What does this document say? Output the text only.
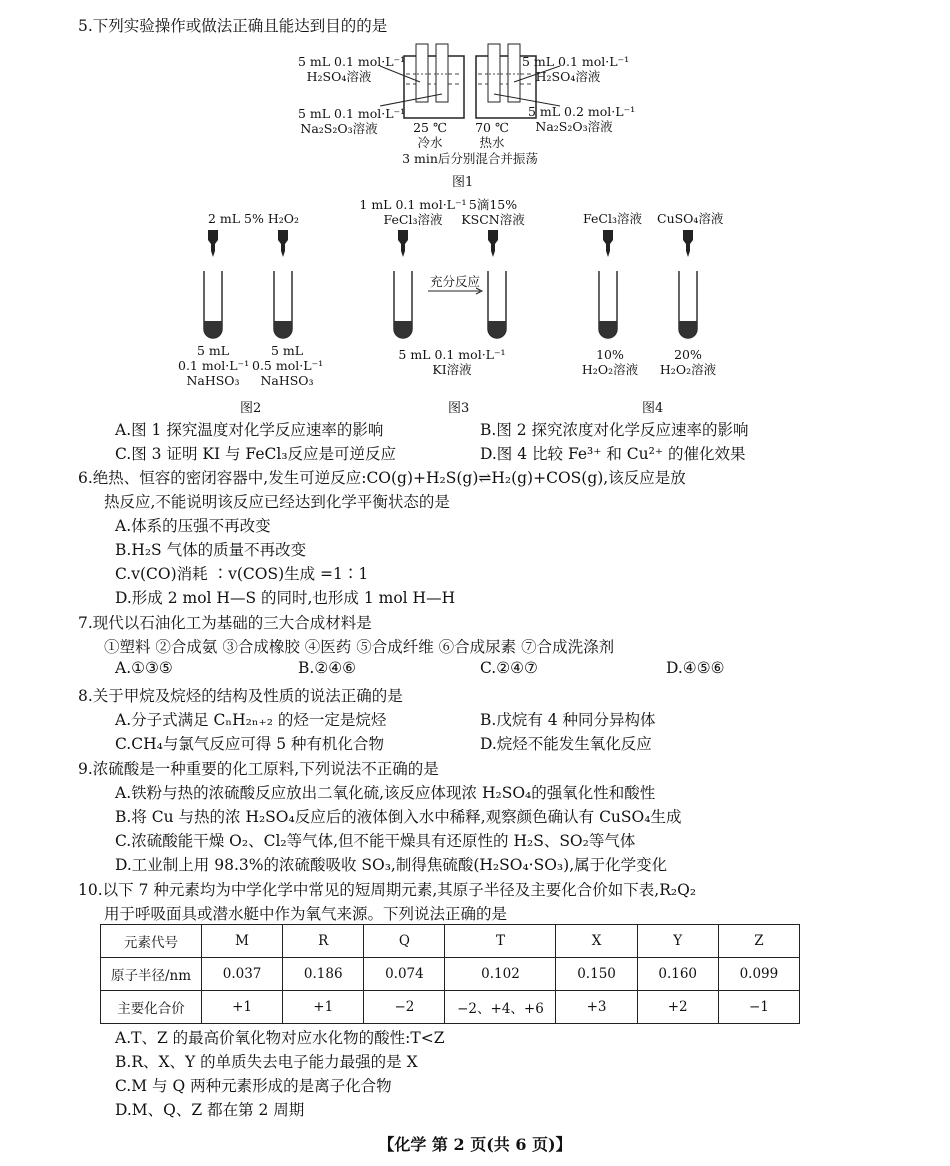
5.下列实验操作或做法正确且能达到目的的是
5 mL 0.1 mol·L⁻¹
H₂SO₄溶液
5 mL 0.1 mol·L⁻¹
Na₂S₂O₃溶液
5 mL 0.1 mol·L⁻¹
H₂SO₄溶液
5 mL 0.2 mol·L⁻¹
Na₂S₂O₃溶液
25 ℃
冷水
70 ℃
热水
3 min后分别混合并振荡
图1
2 mL 5% H₂O₂
5 mL
0.1 mol·L⁻¹
NaHSO₃
5 mL
0.5 mol·L⁻¹
NaHSO₃
图2
1 mL 0.1 mol·L⁻¹
FeCl₃溶液
5滴15%
KSCN溶液
充分反应
5 mL 0.1 mol·L⁻¹
KI溶液
图3
FeCl₃溶液 CuSO₄溶液
10%
H₂O₂溶液
20%
H₂O₂溶液
图4
A.图 1 探究温度对化学反应速率的影响	B.图 2 探究浓度对化学反应速率的影响
C.图 3 证明 KI 与 FeCl₃反应是可逆反应	D.图 4 比较 Fe³⁺ 和 Cu²⁺ 的催化效果
6.绝热、恒容的密闭容器中,发生可逆反应:CO(g)+H₂S(g)⇌H₂(g)+COS(g),该反应是放
热反应,不能说明该反应已经达到化学平衡状态的是
A.体系的压强不再改变
B.H₂S 气体的质量不再改变
C.v(CO)消耗 ∶v(COS)生成 =1∶1
D.形成 2 mol H—S 的同时,也形成 1 mol H—H
7.现代以石油化工为基础的三大合成材料是
①塑料 ②合成氨 ③合成橡胶 ④医药 ⑤合成纤维 ⑥合成尿素 ⑦合成洗涤剂
A.①③⑤	B.②④⑥	C.②④⑦	D.④⑤⑥
8.关于甲烷及烷烃的结构及性质的说法正确的是
A.分子式满足 CₙH₂ₙ₊₂ 的烃一定是烷烃	B.戊烷有 4 种同分异构体
C.CH₄与氯气反应可得 5 种有机化合物	D.烷烃不能发生氧化反应
9.浓硫酸是一种重要的化工原料,下列说法不正确的是
A.铁粉与热的浓硫酸反应放出二氧化硫,该反应体现浓 H₂SO₄的强氧化性和酸性
B.将 Cu 与热的浓 H₂SO₄反应后的液体倒入水中稀释,观察颜色确认有 CuSO₄生成
C.浓硫酸能干燥 O₂、Cl₂等气体,但不能干燥具有还原性的 H₂S、SO₂等气体
D.工业制上用 98.3%的浓硫酸吸收 SO₃,制得焦硫酸(H₂SO₄·SO₃),属于化学变化
10.以下 7 种元素均为中学化学中常见的短周期元素,其原子半径及主要化合价如下表,R₂Q₂
用于呼吸面具或潜水艇中作为氧气来源。下列说法正确的是
元素代号	M	R	Q	T	X	Y	Z
原子半径/nm	0.037	0.186	0.074	0.102	0.150	0.160	0.099
主要化合价	+1	+1	−2	−2、+4、+6	+3	+2	−1
A.T、Z 的最高价氧化物对应水化物的酸性:T<Z
B.R、X、Y 的单质失去电子能力最强的是 X
C.M 与 Q 两种元素形成的是离子化合物
D.M、Q、Z 都在第 2 周期
【化学 第 2 页(共 6 页)】
